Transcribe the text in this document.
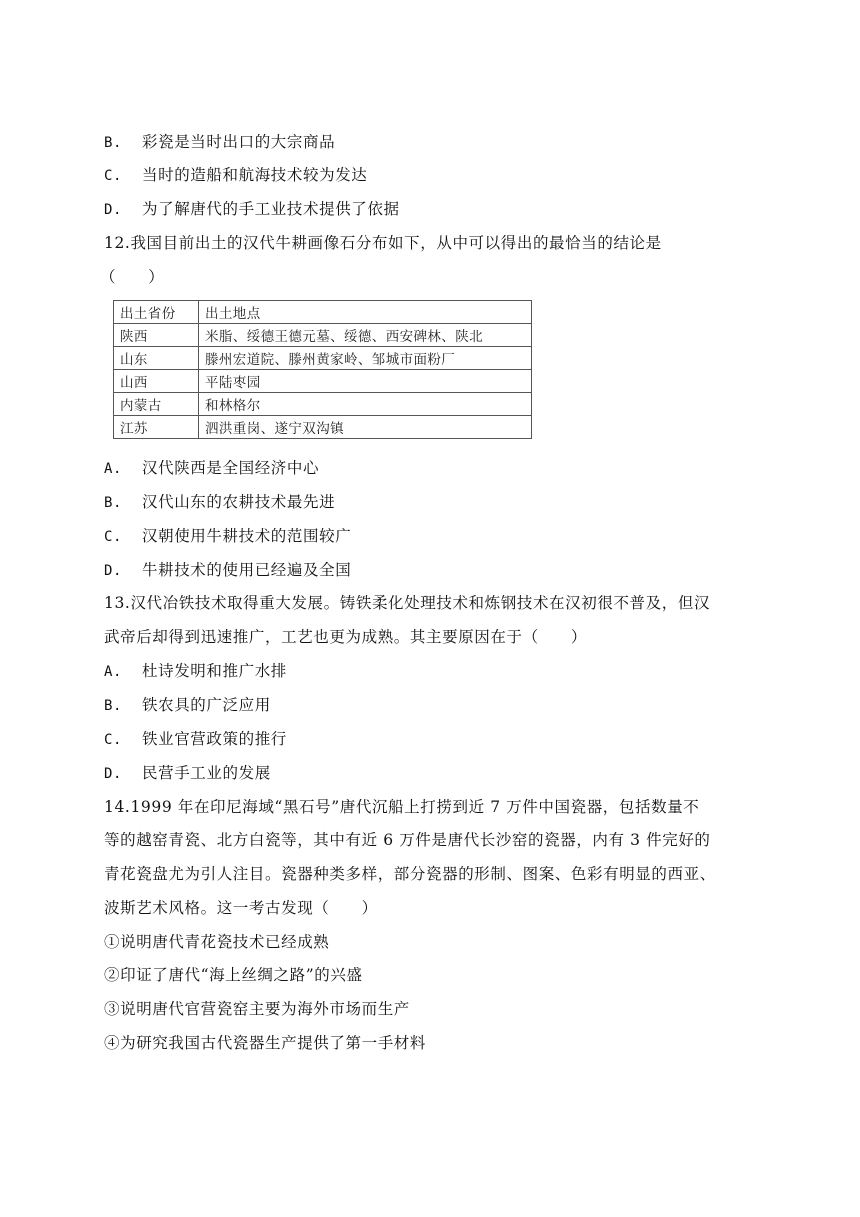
B. 彩瓷是当时出口的大宗商品
C. 当时的造船和航海技术较为发达
D. 为了解唐代的手工业技术提供了依据
12.我国目前出土的汉代牛耕画像石分布如下，从中可以得出的最恰当的结论是
（　　）
出土省份	出土地点
陕西	米脂、绥德王德元墓、绥德、西安碑林、陕北
山东	滕州宏道院、滕州黄家岭、邹城市面粉厂
山西	平陆枣园
内蒙古	和林格尔
江苏	泗洪重岗、遂宁双沟镇
A. 汉代陕西是全国经济中心
B. 汉代山东的农耕技术最先进
C. 汉朝使用牛耕技术的范围较广
D. 牛耕技术的使用已经遍及全国
13.汉代冶铁技术取得重大发展。铸铁柔化处理技术和炼钢技术在汉初很不普及，但汉
武帝后却得到迅速推广，工艺也更为成熟。其主要原因在于（　　）
A. 杜诗发明和推广水排
B. 铁农具的广泛应用
C. 铁业官营政策的推行
D. 民营手工业的发展
14.1999 年在印尼海域“黑石号”唐代沉船上打捞到近 7 万件中国瓷器，包括数量不
等的越窑青瓷、北方白瓷等，其中有近 6 万件是唐代长沙窑的瓷器，内有 3 件完好的
青花瓷盘尤为引人注目。瓷器种类多样，部分瓷器的形制、图案、色彩有明显的西亚、
波斯艺术风格。这一考古发现（　　）
①说明唐代青花瓷技术已经成熟
②印证了唐代“海上丝绸之路”的兴盛
③说明唐代官营瓷窑主要为海外市场而生产
④为研究我国古代瓷器生产提供了第一手材料
